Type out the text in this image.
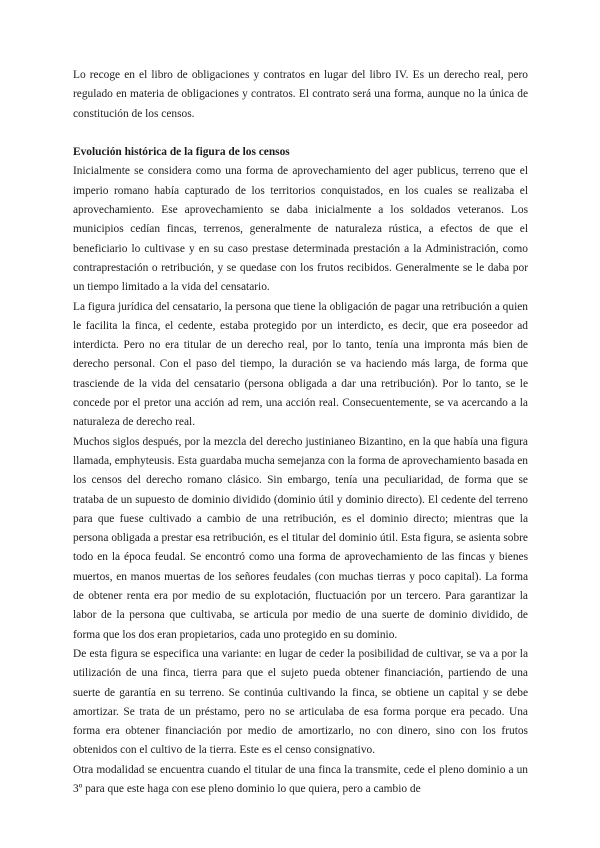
Lo recoge en el libro de obligaciones y contratos en lugar del libro IV. Es un derecho real, pero regulado en materia de obligaciones y contratos. El contrato será una forma, aunque no la única de constitución de los censos.

Evolución histórica de la figura de los censos

Inicialmente se considera como una forma de aprovechamiento del ager publicus, terreno que el imperio romano había capturado de los territorios conquistados, en los cuales se realizaba el aprovechamiento. Ese aprovechamiento se daba inicialmente a los soldados veteranos. Los municipios cedían fincas, terrenos, generalmente de naturaleza rústica, a efectos de que el beneficiario lo cultivase y en su caso prestase determinada prestación a la Administración, como contraprestación o retribución, y se quedase con los frutos recibidos. Generalmente se le daba por un tiempo limitado a la vida del censatario.

La figura jurídica del censatario, la persona que tiene la obligación de pagar una retribución a quien le facilita la finca, el cedente, estaba protegido por un interdicto, es decir, que era poseedor ad interdicta. Pero no era titular de un derecho real, por lo tanto, tenía una impronta más bien de derecho personal. Con el paso del tiempo, la duración se va haciendo más larga, de forma que trasciende de la vida del censatario (persona obligada a dar una retribución). Por lo tanto, se le concede por el pretor una acción ad rem, una acción real. Consecuentemente, se va acercando a la naturaleza de derecho real.

Muchos siglos después, por la mezcla del derecho justinianeo Bizantino, en la que había una figura llamada, emphyteusis. Esta guardaba mucha semejanza con la forma de aprovechamiento basada en los censos del derecho romano clásico. Sin embargo, tenía una peculiaridad, de forma que se trataba de un supuesto de dominio dividido (dominio útil y dominio directo). El cedente del terreno para que fuese cultivado a cambio de una retribución, es el dominio directo; mientras que la persona obligada a prestar esa retribución, es el titular del dominio útil. Esta figura, se asienta sobre todo en la época feudal. Se encontró como una forma de aprovechamiento de las fincas y bienes muertos, en manos muertas de los señores feudales (con muchas tierras y poco capital). La forma de obtener renta era por medio de su explotación, fluctuación por un tercero. Para garantizar la labor de la persona que cultivaba, se articula por medio de una suerte de dominio dividido, de forma que los dos eran propietarios, cada uno protegido en su dominio.

De esta figura se especifica una variante: en lugar de ceder la posibilidad de cultivar, se va a por la utilización de una finca, tierra para que el sujeto pueda obtener financiación, partiendo de una suerte de garantía en su terreno. Se continúa cultivando la finca, se obtiene un capital y se debe amortizar. Se trata de un préstamo, pero no se articulaba de esa forma porque era pecado. Una forma era obtener financiación por medio de amortizarlo, no con dinero, sino con los frutos obtenidos con el cultivo de la tierra. Este es el censo consignativo.

Otra modalidad se encuentra cuando el titular de una finca la transmite, cede el pleno dominio a un 3º para que este haga con ese pleno dominio lo que quiera, pero a cambio de
